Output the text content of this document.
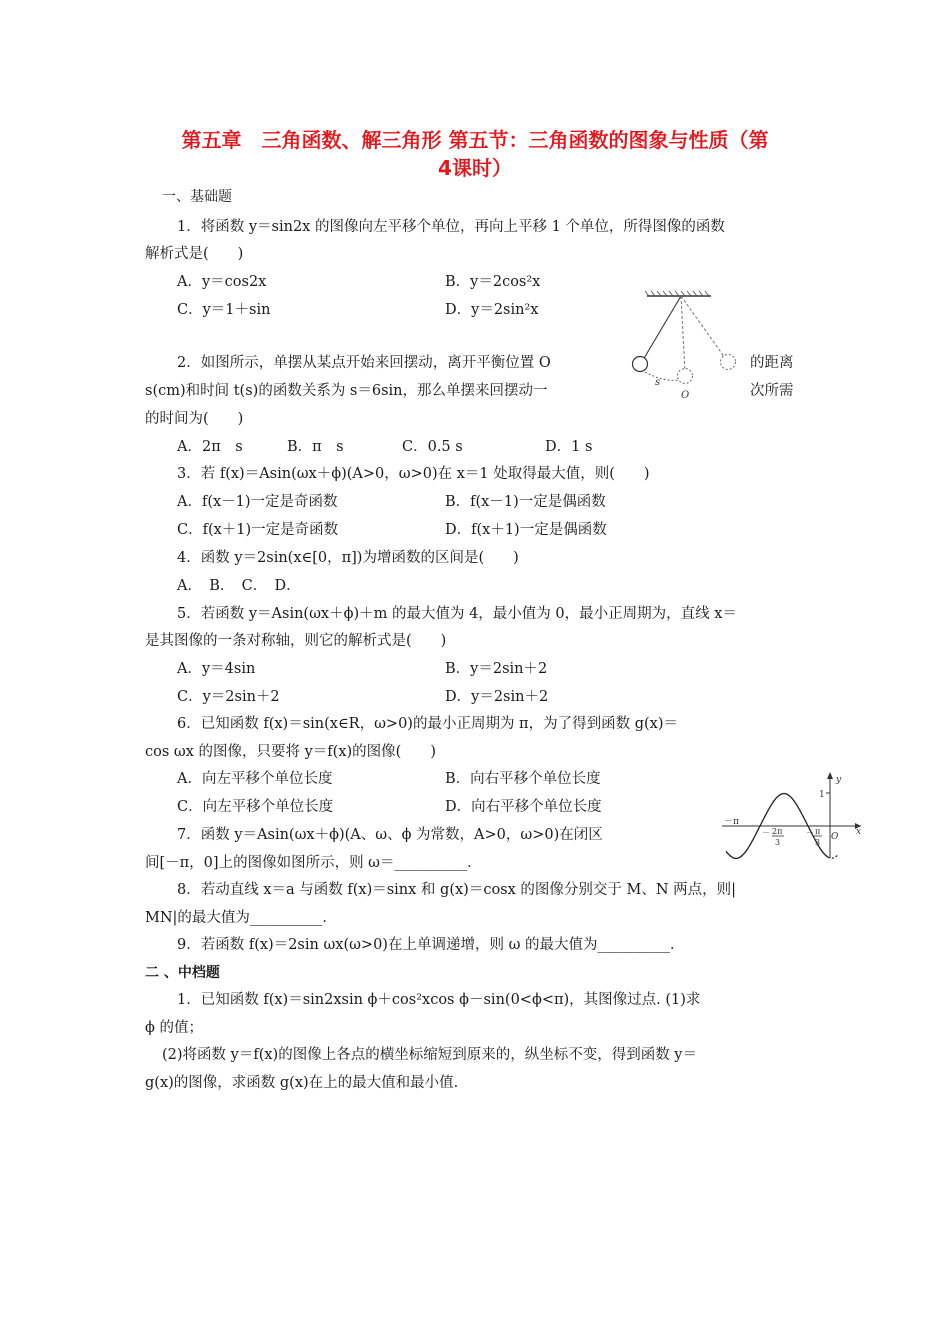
第五章　三角函数、解三角形 第五节：三角函数的图象与性质（第
4课时）
一、基础题
1．将函数 y＝sin2x 的图像向左平移个单位，再向上平移 1 个单位，所得图像的函数
解析式是(　　)
A．y＝cos2x	B．y＝2cos²x
C．y＝1＋sin	D．y＝2sin²x
s
O
2．如图所示，单摆从某点开始来回摆动，离开平衡位置 O	的距离
s(cm)和时间 t(s)的函数关系为 s＝6sin，那么单摆来回摆动一	次所需
的时间为(　　)
A．2π　s	B．π　s	C．0.5 s	D．1 s
3．若 f(x)＝Asin(ωx＋ϕ)(A>0，ω>0)在 x＝1 处取得最大值，则(　　)
A．f(x－1)一定是奇函数	B．f(x－1)一定是偶函数
C．f(x＋1)一定是奇函数	D．f(x＋1)一定是偶函数
4．函数 y＝2sin(x∈[0，π])为增函数的区间是(　　)
A．　B．　C．　D．
5．若函数 y＝Asin(ωx＋ϕ)＋m 的最大值为 4，最小值为 0，最小正周期为，直线 x＝
是其图像的一条对称轴，则它的解析式是(　　)
A．y＝4sin	B．y＝2sin＋2
C．y＝2sin＋2	D．y＝2sin＋2
6．已知函数 f(x)＝sin(x∈R，ω>0)的最小正周期为 π，为了得到函数 g(x)＝
cos ωx 的图像，只要将 y＝f(x)的图像(　　)
A．向左平移个单位长度	B．向右平移个单位长度
C．向左平移个单位长度	D．向右平移个单位长度
1
y
x
O
－π
－ 2π
3
－ π
3
7．函数 y＝Asin(ωx＋ϕ)(A、ω、ϕ 为常数，A>0，ω>0)在闭区
间[－π，0]上的图像如图所示，则 ω＝__________．
8．若动直线 x＝a 与函数 f(x)＝sinx 和 g(x)＝cosx 的图像分别交于 M、N 两点，则|
MN|的最大值为__________．
9．若函数 f(x)＝2sin ωx(ω>0)在上单调递增，则 ω 的最大值为__________．
二 、中档题
1．已知函数 f(x)＝sin2xsin ϕ＋cos²xcos ϕ－sin(0<ϕ<π)，其图像过点. (1)求
ϕ 的值；
(2)将函数 y＝f(x)的图像上各点的横坐标缩短到原来的，纵坐标不变，得到函数 y＝
g(x)的图像，求函数 g(x)在上的最大值和最小值.
